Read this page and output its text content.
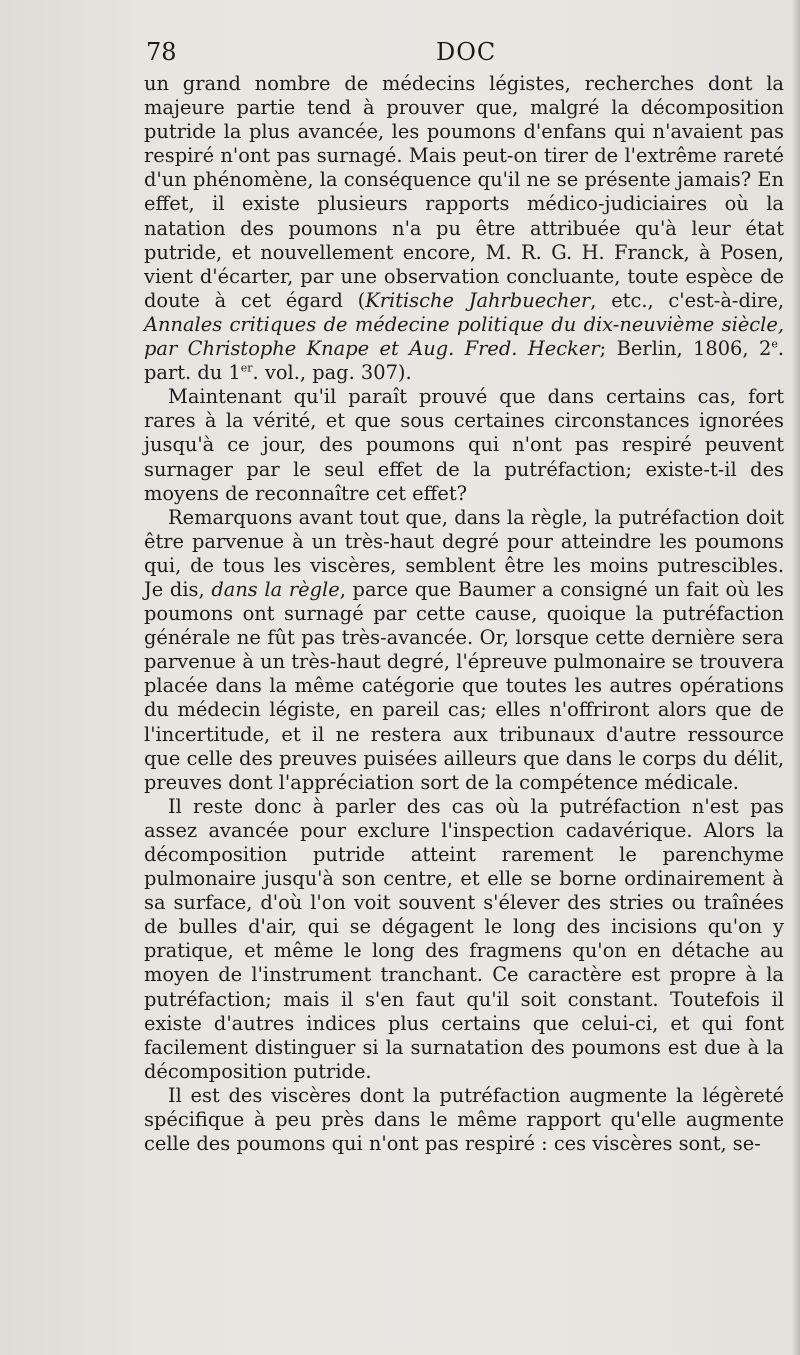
78	DOC

un grand nombre de médecins légistes, recherches dont la majeure partie tend à prouver que, malgré la décomposition putride la plus avancée, les poumons d'enfans qui n'avaient pas respiré n'ont pas surnagé. Mais peut-on tirer de l'extrême rareté d'un phénomène, la conséquence qu'il ne se présente jamais? En effet, il existe plusieurs rapports médico-judiciaires où la natation des poumons n'a pu être attribuée qu'à leur état putride, et nouvellement encore, M. R. G. H. Franck, à Posen, vient d'écarter, par une observation concluante, toute espèce de doute à cet égard (Kritische Jahrbuecher, etc., c'est-à-dire, Annales critiques de médecine politique du dix-neuvième siècle, par Christophe Knape et Aug. Fred. Hecker; Berlin, 1806, 2e. part. du 1er. vol., pag. 307).

Maintenant qu'il paraît prouvé que dans certains cas, fort rares à la vérité, et que sous certaines circonstances ignorées jusqu'à ce jour, des poumons qui n'ont pas respiré peuvent surnager par le seul effet de la putréfaction; existe-t-il des moyens de reconnaître cet effet?

Remarquons avant tout que, dans la règle, la putréfaction doit être parvenue à un très-haut degré pour atteindre les poumons qui, de tous les viscères, semblent être les moins putrescibles. Je dis, dans la règle, parce que Baumer a consigné un fait où les poumons ont surnagé par cette cause, quoique la putréfaction générale ne fût pas très-avancée. Or, lorsque cette dernière sera parvenue à un très-haut degré, l'épreuve pulmonaire se trouvera placée dans la même catégorie que toutes les autres opérations du médecin légiste, en pareil cas; elles n'offriront alors que de l'incertitude, et il ne restera aux tribunaux d'autre ressource que celle des preuves puisées ailleurs que dans le corps du délit, preuves dont l'appréciation sort de la compétence médicale.

Il reste donc à parler des cas où la putréfaction n'est pas assez avancée pour exclure l'inspection cadavérique. Alors la décomposition putride atteint rarement le parenchyme pulmonaire jusqu'à son centre, et elle se borne ordinairement à sa surface, d'où l'on voit souvent s'élever des stries ou traînées de bulles d'air, qui se dégagent le long des incisions qu'on y pratique, et même le long des fragmens qu'on en détache au moyen de l'instrument tranchant. Ce caractère est propre à la putréfaction; mais il s'en faut qu'il soit constant. Toutefois il existe d'autres indices plus certains que celui-ci, et qui font facilement distinguer si la surnatation des poumons est due à la décomposition putride.

Il est des viscères dont la putréfaction augmente la légèreté spécifique à peu près dans le même rapport qu'elle augmente celle des poumons qui n'ont pas respiré : ces viscères sont, se-
